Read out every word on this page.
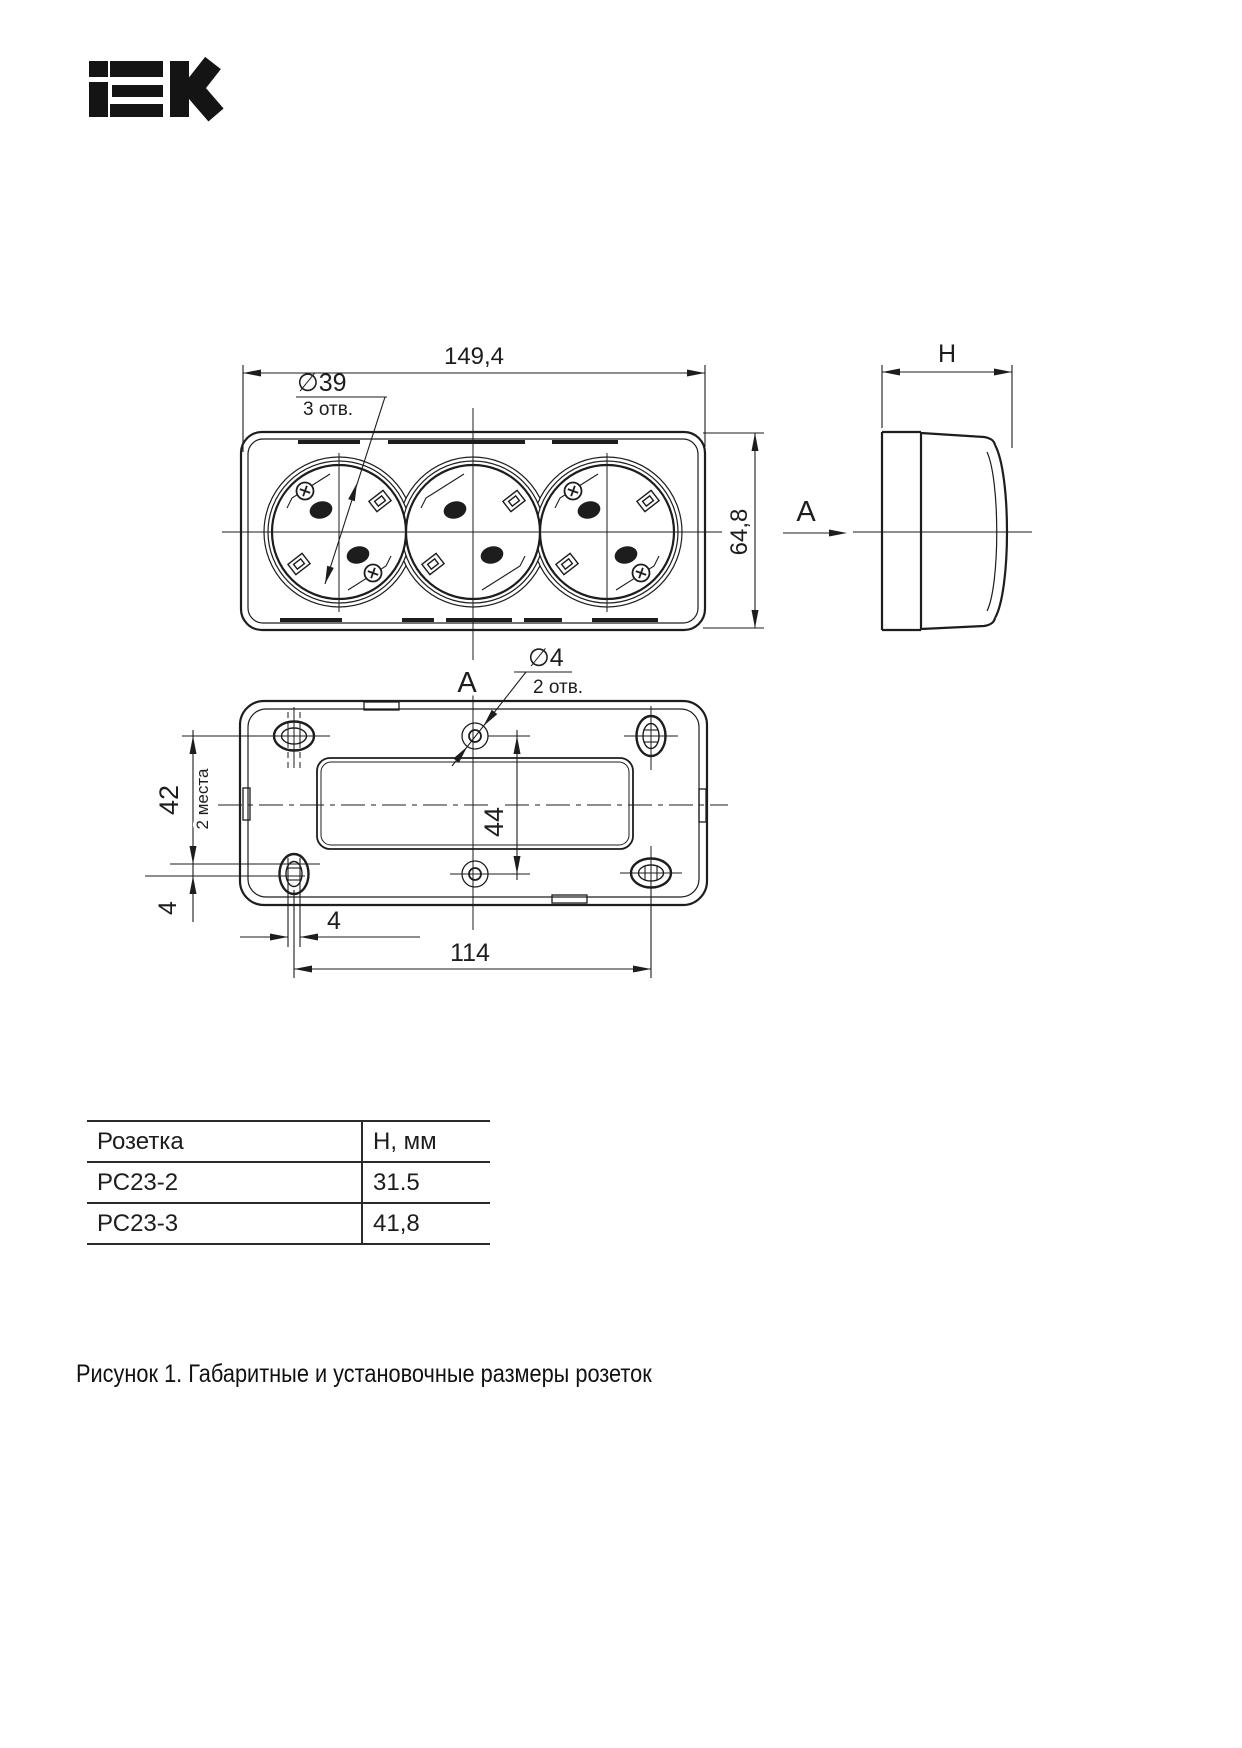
149,4
∅39
3 отв.
64,8 A
H
A
∅4
2 отв.
42 2 места	44
4	4
114
Розетка	Н, мм
РС23-2	31.5
РС23-3	41,8
Рисунок 1. Габаритные и установочные размеры розеток
